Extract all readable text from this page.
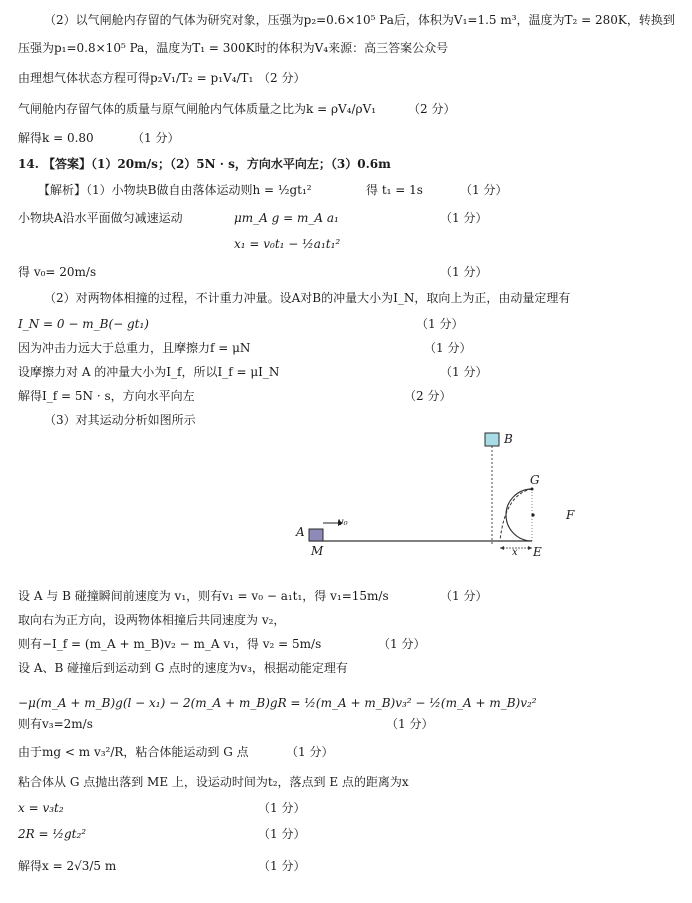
（2）以气闸舱内存留的气体为研究对象，压强为p₂=0.6×10⁵ Pa后，体积为V₁=1.5 m³，温度为T₂ = 280K，转换到
压强为p₁=0.8×10⁵ Pa，温度为T₁ = 300K时的体积为V₄来源：高三答案公众号
由理想气体状态方程可得p₂V₁/T₂ = p₁V₄/T₁ （2 分）
气闸舱内存留气体的质量与原气闸舱内气体质量之比为k = ρV₄/ρV₁	（2 分）
解得k = 0.80	（1 分）
14. 【答案】（1）20m/s；（2）5N · s，方向水平向左；（3）0.6m
【解析】（1）小物块B做自由落体运动则h = ½gt₁²	得 t₁ = 1s	（1 分）
小物块A沿水平面做匀减速运动	μm_A g = m_A a₁	（1 分）
x₁ = v₀t₁ − ½a₁t₁²
得 v₀= 20m/s	（1 分）
（2）对两物体相撞的过程，不计重力冲量。设A对B的冲量大小为I_N，取向上为正，由动量定理有
I_N = 0 − m_B(− gt₁)	（1 分）
因为冲击力远大于总重力，且摩擦力f = μN	（1 分）
设摩擦力对 A 的冲量大小为I_f，所以I_f = μI_N	（1 分）
解得I_f = 5N · s，方向水平向左	（2 分）
（3）对其运动分析如图所示
B
A
v₀
M
G
F
E
x
设 A 与 B 碰撞瞬间前速度为 v₁，则有v₁ = v₀ − a₁t₁，得 v₁=15m/s	（1 分）
取向右为正方向，设两物体相撞后共同速度为 v₂，
则有−I_f = (m_A + m_B)v₂ − m_A v₁，得 v₂ = 5m/s	（1 分）
设 A、B 碰撞后到运动到 G 点时的速度为v₃，根据动能定理有
−μ(m_A + m_B)g(l − x₁) − 2(m_A + m_B)gR = ½(m_A + m_B)v₃² − ½(m_A + m_B)v₂²
则有v₃=2m/s	（1 分）
由于mg < m v₃²/R，粘合体能运动到 G 点	（1 分）
粘合体从 G 点抛出落到 ME 上，设运动时间为t₂，落点到 E 点的距离为x
x = v₃t₂	（1 分）
2R = ½gt₂²	（1 分）
解得x = 2√3/5 m	（1 分）
